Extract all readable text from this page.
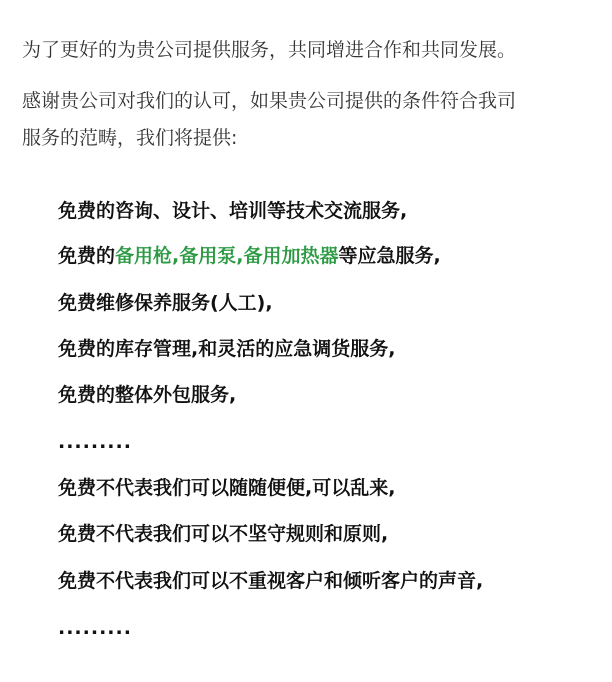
为了更好的为贵公司提供服务，共同增进合作和共同发展。
感谢贵公司对我们的认可，如果贵公司提供的条件符合我司
服务的范畴，我们将提供:
免费的咨询、设计、培训等技术交流服务,
免费的备用枪,备用泵,备用加热器等应急服务,
免费维修保养服务(人工),
免费的库存管理,和灵活的应急调货服务,
免费的整体外包服务,
.........
免费不代表我们可以随随便便,可以乱来,
免费不代表我们可以不坚守规则和原则,
免费不代表我们可以不重视客户和倾听客户的声音,
.........
